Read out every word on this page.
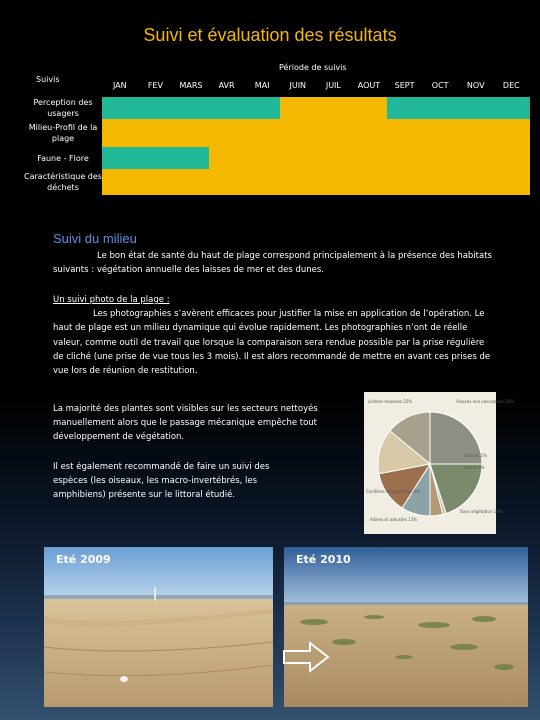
Suivi et évaluation des résultats
Période de suivis
Suivis
JAN	FEV	MARS	AVR	MAI	JUIN	JUIL	AOUT	SEPT	OCT	NOV	DEC
Perception des usagers
Milieu-Profil de la plage
Faune - Flore
Caractéristique des déchets
Suivi du milieu
Le bon état de santé du haut de plage correspond principalement à la présence des habitats suivants : végétation annuelle des laisses de mer et des dunes.
Un suivi photo de la plage :
Les photographies s’avèrent efficaces pour justifier la mise en application de l’opération. Le haut de plage est un milieu dynamique qui évolue rapidement. Les photographies n’ont de réelle valeur, comme outil de travail que lorsque la comparaison sera rendue possible par la prise régulière de cliché (une prise de vue tous les 3 mois). Il est alors recommandé de mettre en avant ces prises de vue lors de réunion de restitution.
La majorité des plantes sont visibles sur les secteurs nettoyés manuellement alors que le passage mécanique empêche tout développement de végétation.
Il est également recommandé de faire un suivi des espèces (les oiseaux, les macro-invertébrés, les amphibiens) présente sur le littoral étudié.
Lichens mousses 25%	Vivaces non vasculaires 20%
Vivaces 1%
Autres 4%
Conifères en plantation 9%
Arbres et arbustes 13%
Sans végétation 14%
Eté 2009	Eté 2010
